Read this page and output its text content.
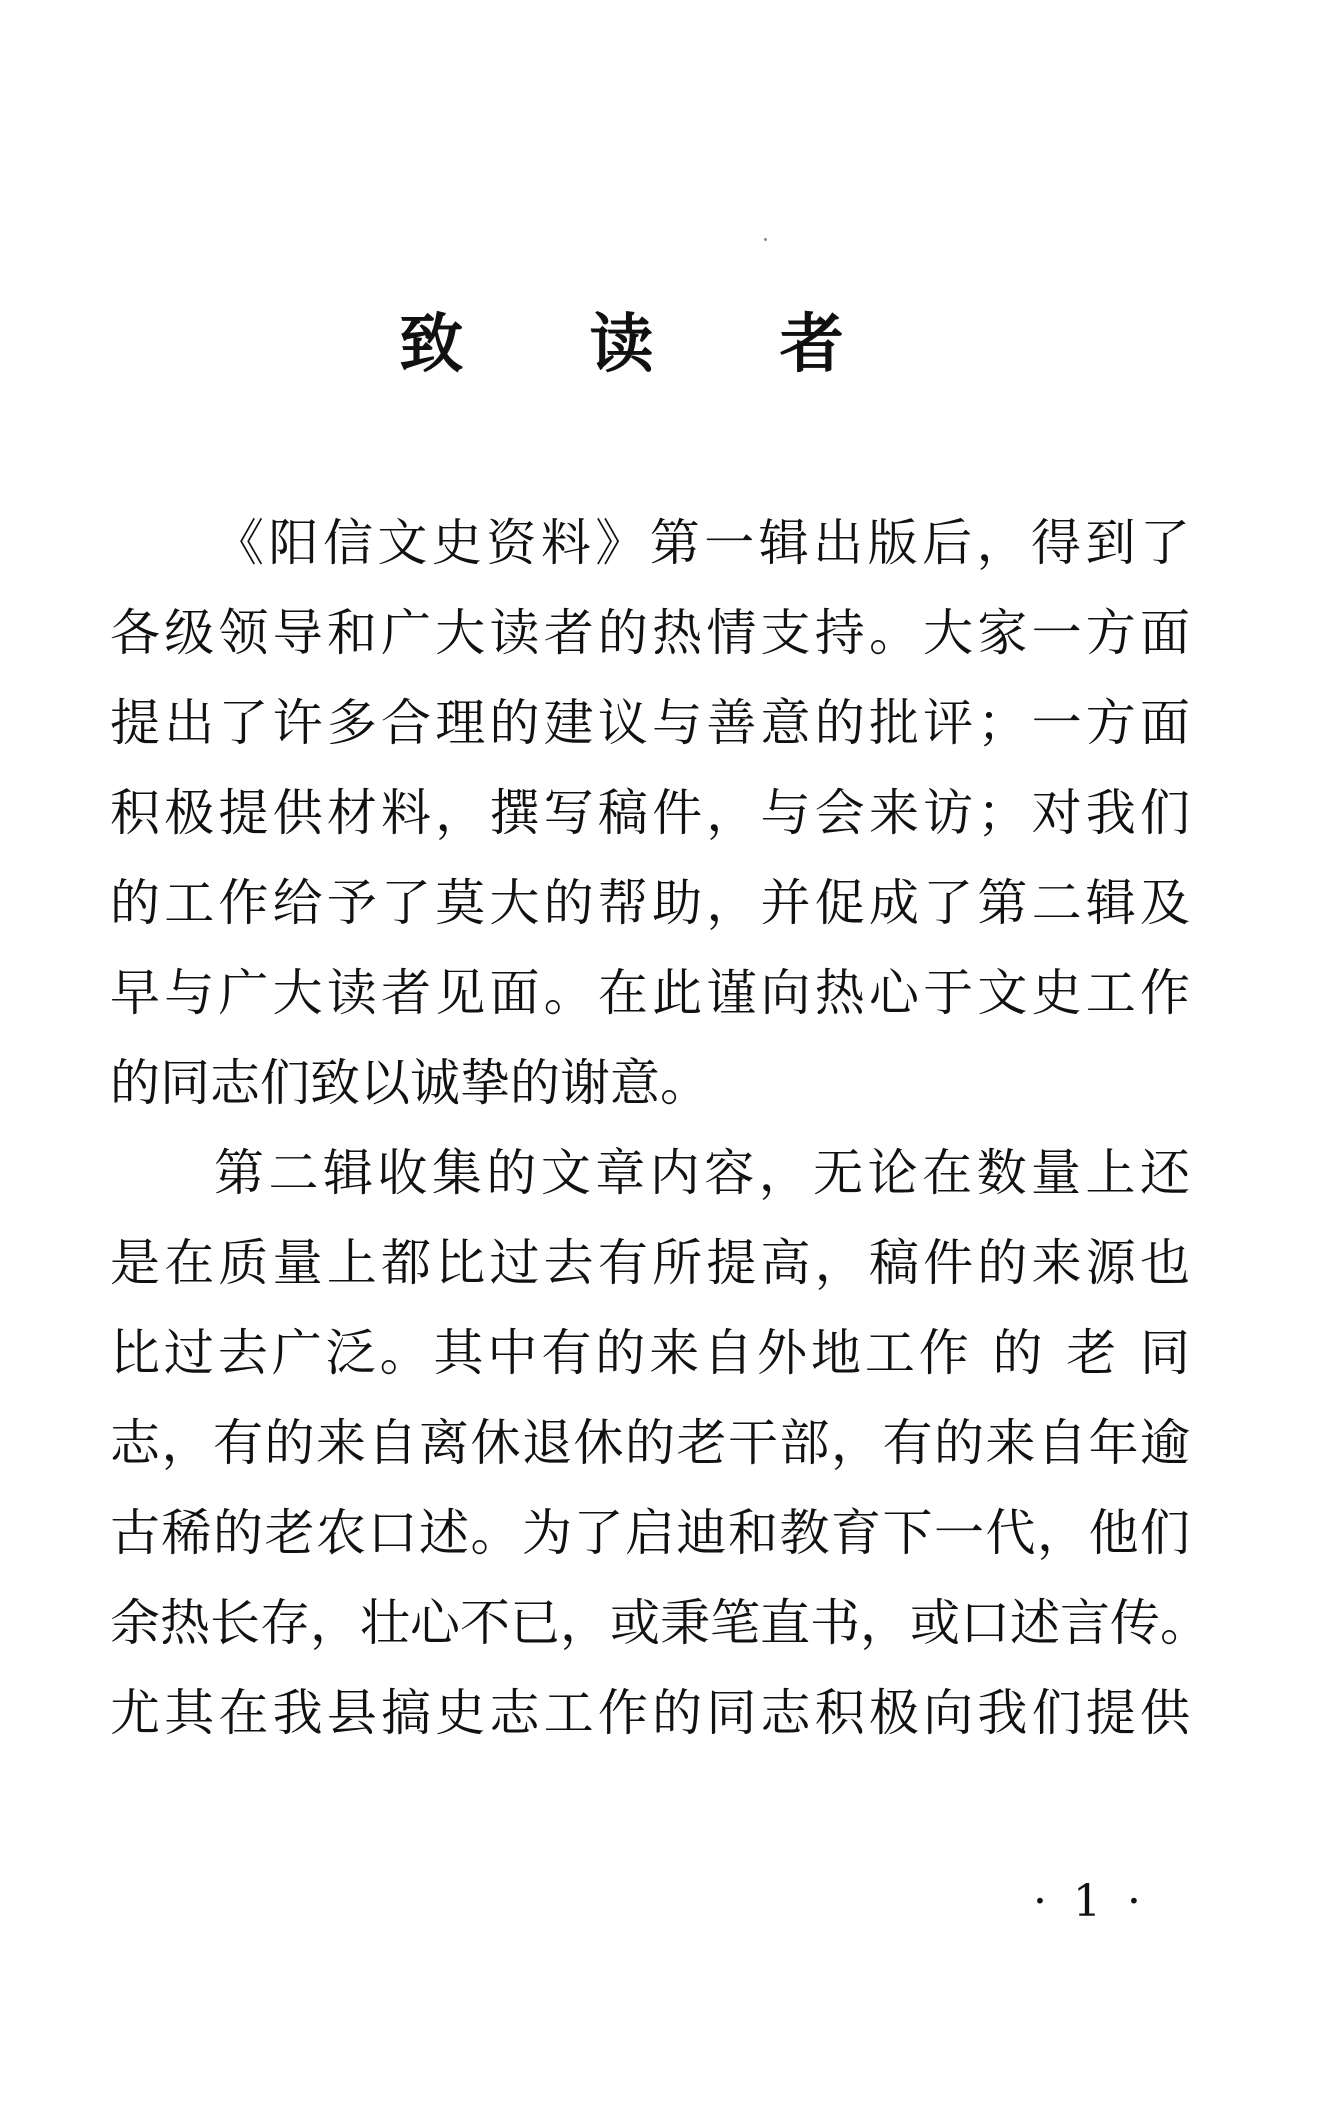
致 读 者
《阳信文史资料》第一辑出版后，得到了
各级领导和广大读者的热情支持。大家一方面
提出了许多合理的建议与善意的批评；一方面
积极提供材料，撰写稿件，与会来访；对我们
的工作给予了莫大的帮助，并促成了第二辑及
早与广大读者见面。在此谨向热心于文史工作
的同志们致以诚挚的谢意。
第二辑收集的文章内容，无论在数量上还
是在质量上都比过去有所提高，稿件的来源也
比过去广泛。其中有的来自外地工作 的 老 同
志，有的来自离休退休的老干部，有的来自年逾
古稀的老农口述。为了启迪和教育下一代，他们
余热长存，壮心不已，或秉笔直书，或口述言传。
尤其在我县搞史志工作的同志积极向我们提供
· 1 ·
